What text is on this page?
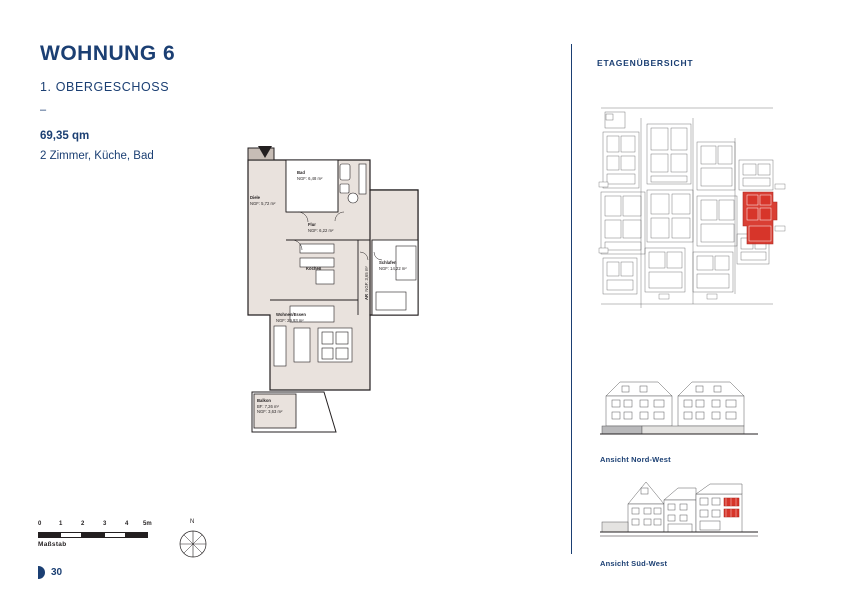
WOHNUNG 6
1. OBERGESCHOSS
–
69,35 qm
2 Zimmer, Küche, Bad
ETAGENÜBERSICHT
Ansicht Nord-West
Ansicht Süd-West
Diele
NGF: 5,72 m²
Bad
NGF: 6,48 m²
Flur
NGF: 6,22 m²
Kochen
AR  NGF: 3,65 m²
Schlafen
NGF: 14,22 m²
Wohnen/Essen
NGF: 29,93 m²
Balkon
BF: 7,26 m²
NGF: 3,63 m²
0	1	2	3	4 5m
Maßstab
N
30
